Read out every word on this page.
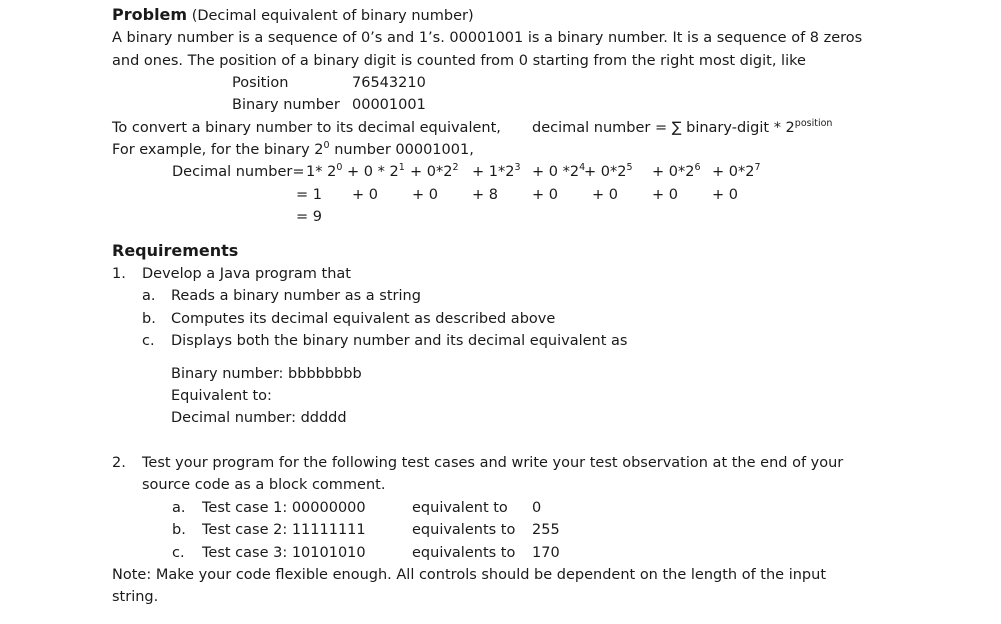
Problem (Decimal equivalent of binary number)
A binary number is a sequence of 0’s and 1’s. 00001001 is a binary number. It is a sequence of 8 zeros
and ones. The position of a binary digit is counted from 0 starting from the right most digit, like
Position	76543210
Binary number 00001001
To convert a binary number to its decimal equivalent, decimal number = ∑ binary-digit * $2^{position}$
For example, for the binary $2^0$ number 00001001,
Decimal number= 1* $2^0 + 0 * 2^1 + 0*2^2 + 1*2^3 + 0$ $*2^4$
+ $0*2^5 + 0*2^6 + 0*2^7$
= 1 + 0 + 0 + 8 + 0 + 0 + 0 + 0
= 9
Requirements
1. Develop a Java program that
a. Reads a binary number as a string
b. Computes its decimal equivalent as described above
c. Displays both the binary number and its decimal equivalent as
Binary number: bbbbbbbb
Equivalent to:
Decimal number: ddddd
2. Test your program for the following test cases and write your test observation at the end of your
source code as a block comment.
a. Test case 1: 00000000	equivalent to 0
b. Test case 2: 11111111	equivalents to 255
c. Test case 3: 10101010	equivalents to 170
Note: Make your code flexible enough. All controls should be dependent on the length of the input
string.
